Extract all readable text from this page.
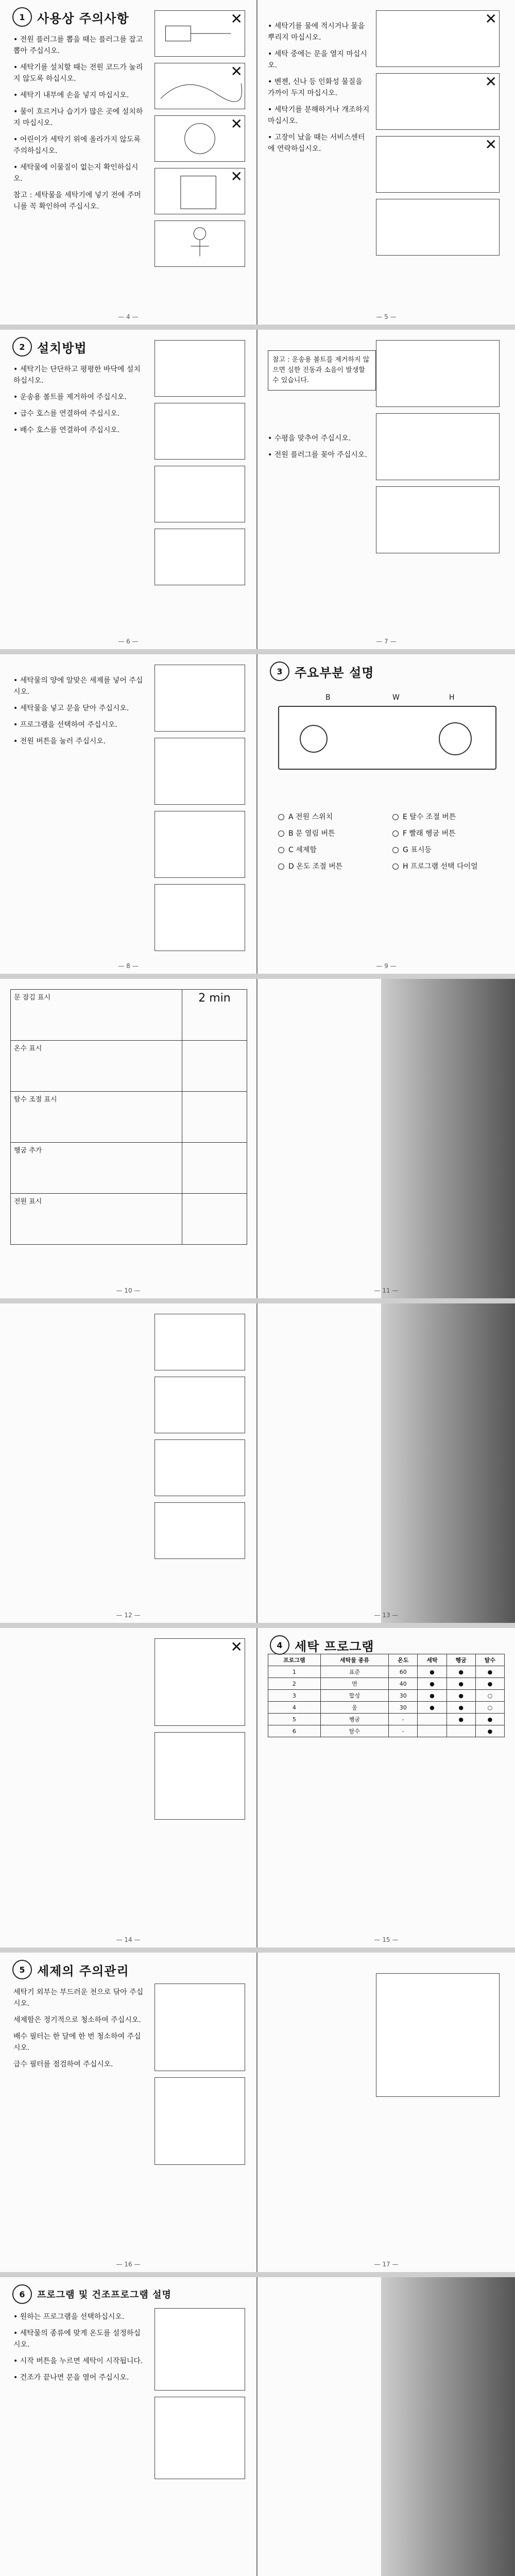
1 사용상 주의사항

• 전원 플러그를 뽑을 때는 플러그를 잡고 뽑아 주십시오.

• 세탁기를 설치할 때는 전원 코드가 눌리지 않도록 하십시오.

• 세탁기 내부에 손을 넣지 마십시오.

• 물이 흐르거나 습기가 많은 곳에 설치하지 마십시오.

• 어린이가 세탁기 위에 올라가지 않도록 주의하십시오.

• 세탁물에 이물질이 없는지 확인하십시오.

참고 : 세탁물을 세탁기에 넣기 전에 주머니를 꼭 확인하여 주십시오.

✕
✕
✕
✕
— 4 —

• 세탁기를 물에 적시거나 물을 뿌리지 마십시오.

• 세탁 중에는 문을 열지 마십시오.

• 벤젠, 신나 등 인화성 물질을 가까이 두지 마십시오.

• 세탁기를 분해하거나 개조하지 마십시오.

• 고장이 났을 때는 서비스센터에 연락하십시오.

✕
✕
✕
— 5 —
2 설치방법

• 세탁기는 단단하고 평평한 바닥에 설치하십시오.

• 운송용 볼트를 제거하여 주십시오.

• 급수 호스를 연결하여 주십시오.

• 배수 호스를 연결하여 주십시오.

— 6 —
참고 : 운송용 볼트를 제거하지 않으면 심한 진동과 소음이 발생할 수 있습니다.

• 수평을 맞추어 주십시오.

• 전원 플러그를 꽂아 주십시오.

— 7 —

• 세탁물의 양에 알맞은 세제를 넣어 주십시오.

• 세탁물을 넣고 문을 닫아 주십시오.

• 프로그램을 선택하여 주십시오.

• 전원 버튼을 눌러 주십시오.

— 8 —
3 주요부분 설명
B	W	H
A 전원 스위치
B 문 열림 버튼
C 세제함
D 온도 조절 버튼
E 탈수 조절 버튼
F 빨래 헹굼 버튼
G 표시등
H 프로그램 선택 다이얼
— 9 —
문 잠김 표시	2 min
온수 표시	
탈수 조절 표시	
헹굼 추가	
전원 표시	
— 10 —	— 11 —
— 12 —	— 13 —
✕
— 14 —
4 세탁 프로그램
프로그램	세탁물 종류	온도	세탁	헹굼	탈수
1	표준	60	●	●	●
2	면	40	●	●	●
3	합성	30	●	●	○
4	울	30	●	●	○
5	헹굼	-		●	●
6	탈수	-			●
— 15 —
5 세제의 주의관리

세탁기 외부는 부드러운 천으로 닦아 주십시오.

세제함은 정기적으로 청소하여 주십시오.

배수 필터는 한 달에 한 번 청소하여 주십시오.

급수 필터를 점검하여 주십시오.

— 16 —	— 17 —
6	프로그램 및 건조프로그램 설명

• 원하는 프로그램을 선택하십시오.

• 세탁물의 종류에 맞게 온도를 설정하십시오.

• 시작 버튼을 누르면 세탁이 시작됩니다.

• 건조가 끝나면 문을 열어 주십시오.
